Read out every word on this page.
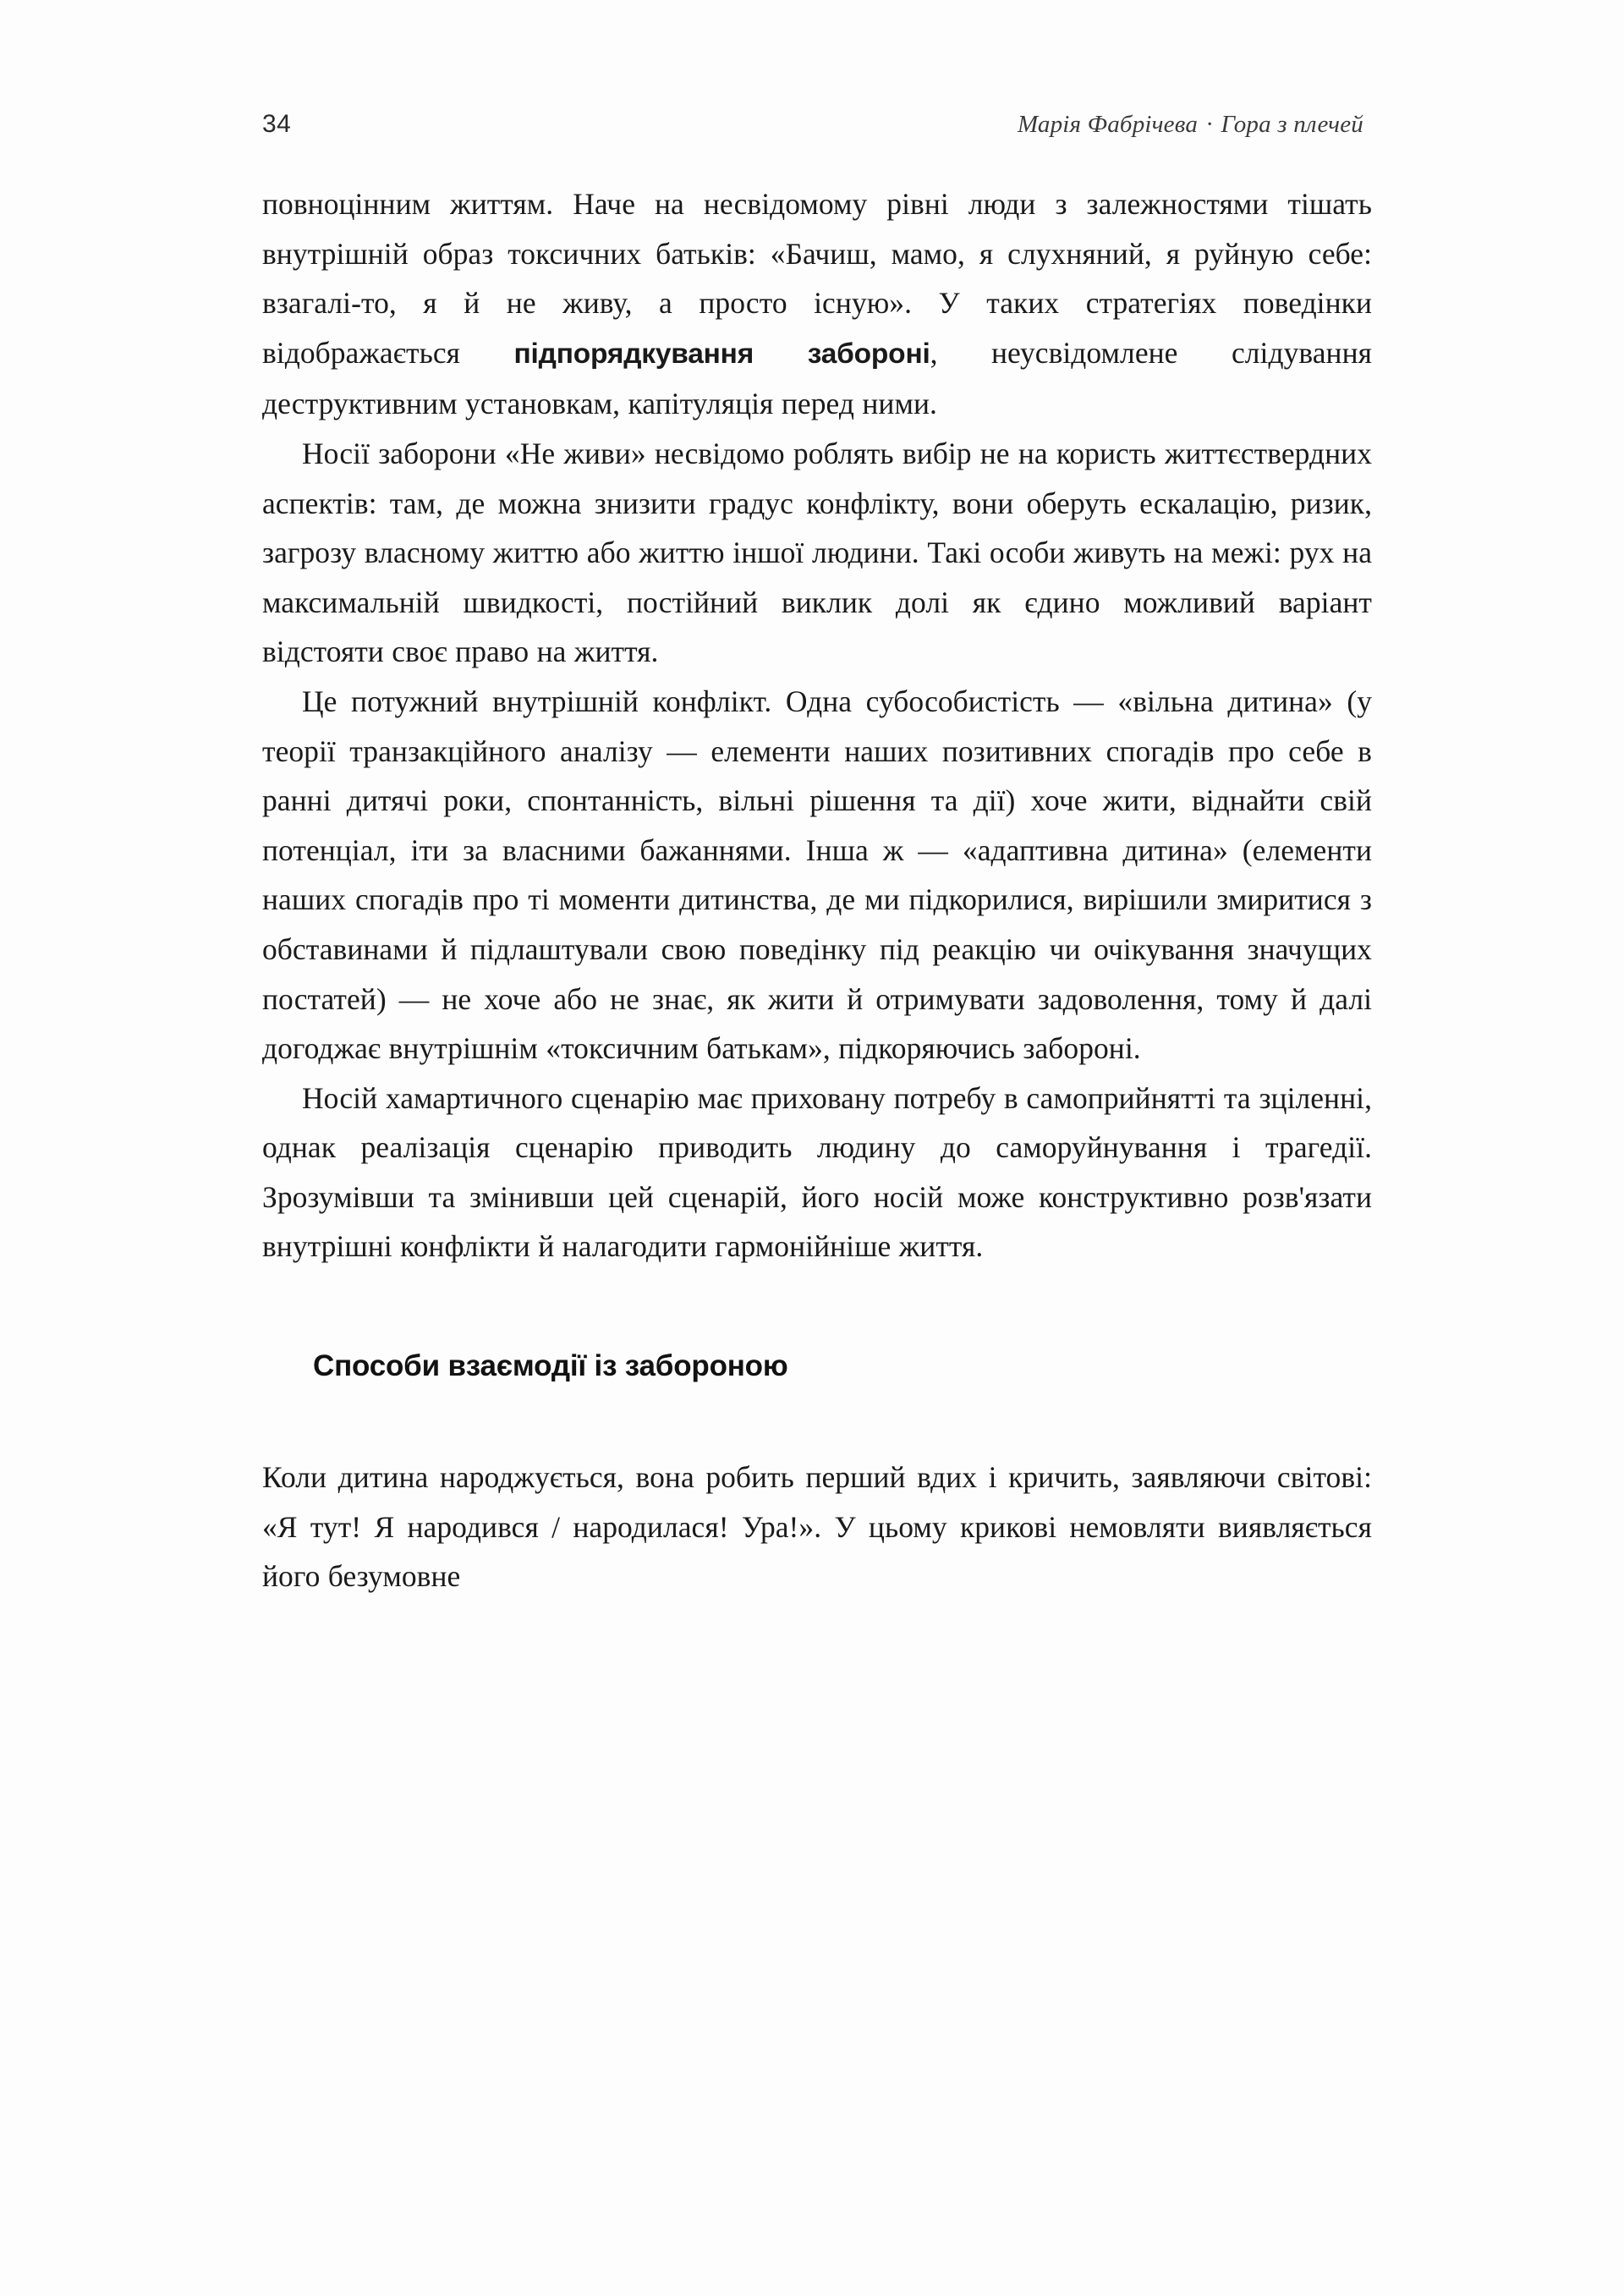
34	Марія Фабрічева · Гора з плечей

повноцінним життям. Наче на несвідомому рівні люди з залежностями тішать внутрішній образ токсичних батьків: «Бачиш, мамо, я слухняний, я руйную себе: взагалі-то, я й не живу, а просто існую». У таких стратегіях поведінки відображається підпорядкування забороні, неусвідомлене слідування деструктивним установкам, капітуляція перед ними.

Носії заборони «Не живи» несвідомо роблять вибір не на користь життєствердних аспектів: там, де можна знизити градус конфлікту, вони оберуть ескалацію, ризик, загрозу власному життю або життю іншої людини. Такі особи живуть на межі: рух на максимальній швидкості, постійний виклик долі як єдино можливий варіант відстояти своє право на життя.

Це потужний внутрішній конфлікт. Одна субособистість — «вільна дитина» (у теорії транзакційного аналізу — елементи наших позитивних спогадів про себе в ранні дитячі роки, спонтанність, вільні рішення та дії) хоче жити, віднайти свій потенціал, іти за власними бажаннями. Інша ж — «адаптивна дитина» (елементи наших спогадів про ті моменти дитинства, де ми підкорилися, вирішили змиритися з обставинами й підлаштували свою поведінку під реакцію чи очікування значущих постатей) — не хоче або не знає, як жити й отримувати задоволення, тому й далі догоджає внутрішнім «токсичним батькам», підкоряючись забороні.

Носій хамартичного сценарію має приховану потребу в самоприйнятті та зціленні, однак реалізація сценарію приводить людину до саморуйнування і трагедії. Зрозумівши та змінивши цей сценарій, його носій може конструктивно розв'язати внутрішні конфлікти й налагодити гармонійніше життя.

Способи взаємодії із забороною

Коли дитина народжується, вона робить перший вдих і кричить, заявляючи світові: «Я тут! Я народився / народилася! Ура!». У цьому крикові немовляти виявляється його безумовне
